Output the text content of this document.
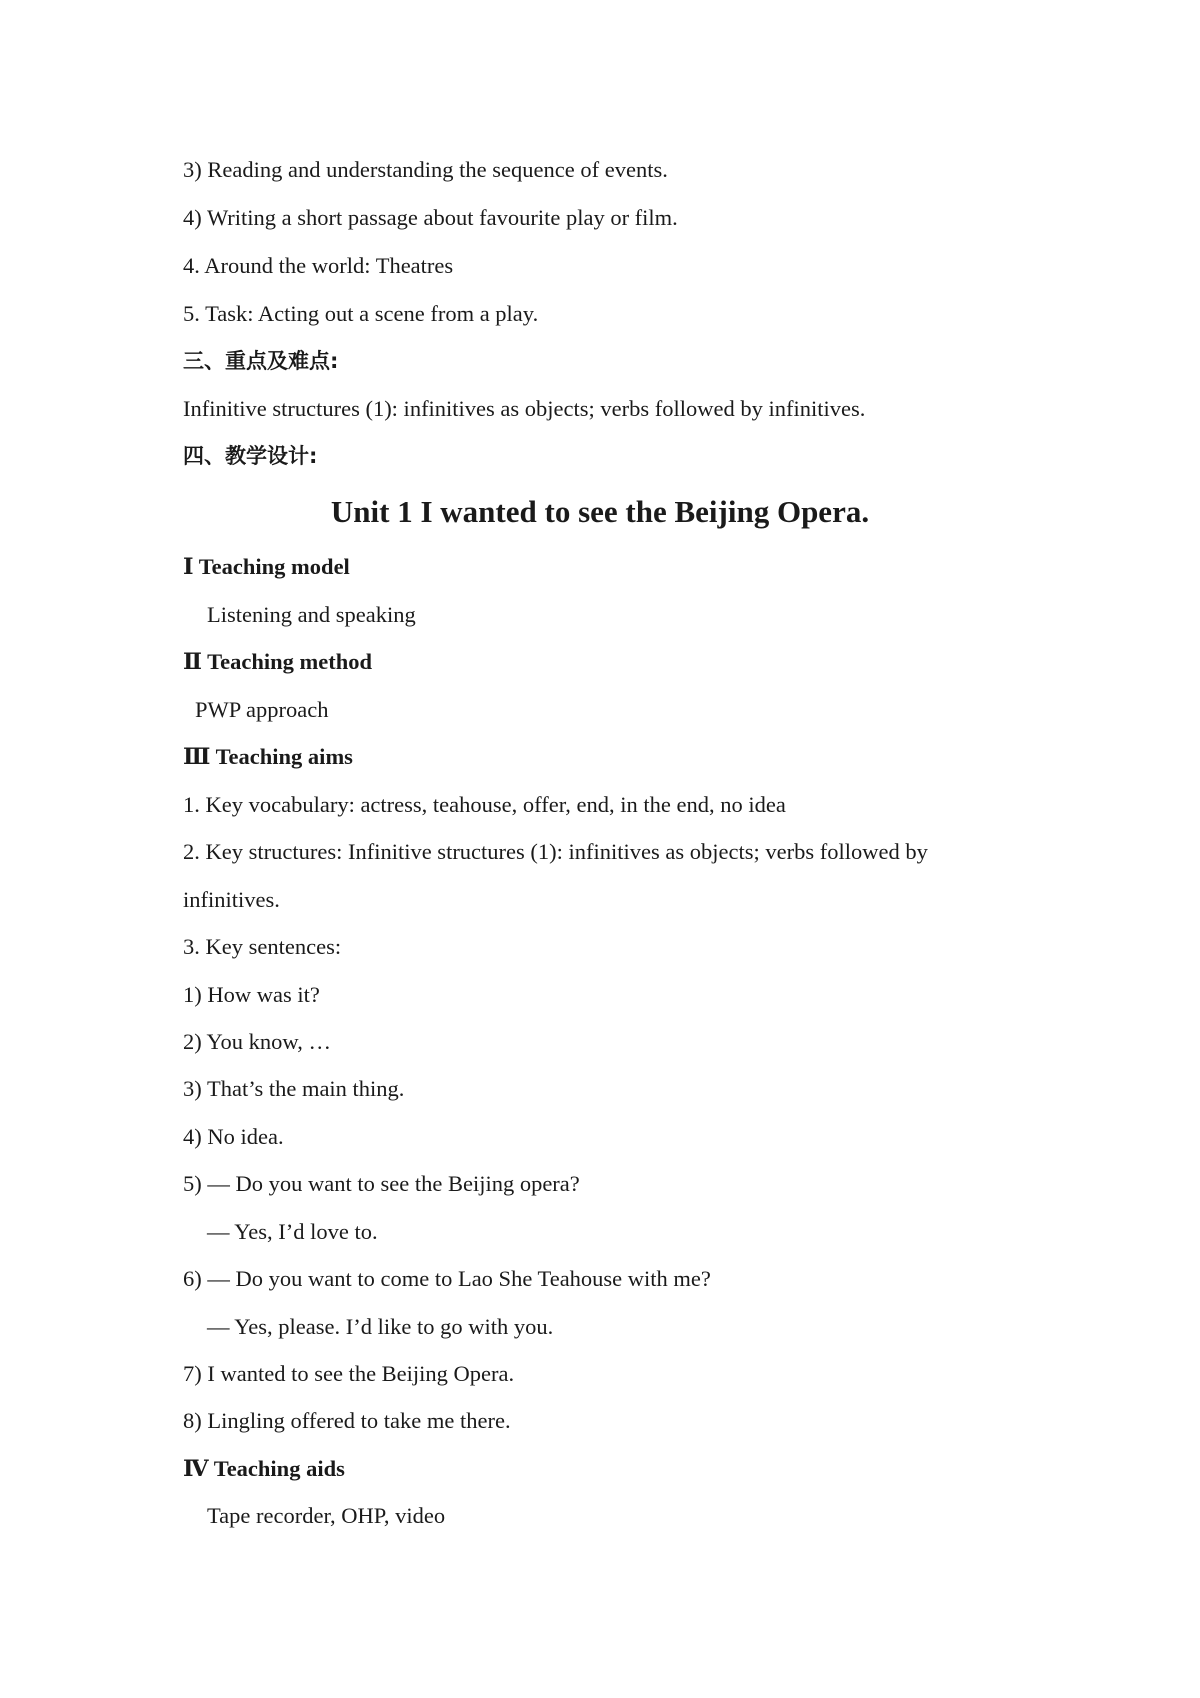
3) Reading and understanding the sequence of events.
4) Writing a short passage about favourite play or film.
4. Around the world: Theatres
5. Task: Acting out a scene from a play.
三、重点及难点:
Infinitive structures (1): infinitives as objects; verbs followed by infinitives.
四、教学设计:
Unit 1 I wanted to see the Beijing Opera.
Ⅰ Teaching model
Listening and speaking
Ⅱ Teaching method
PWP approach
Ⅲ Teaching aims
1. Key vocabulary: actress, teahouse, offer, end, in the end, no idea
2. Key structures: Infinitive structures (1): infinitives as objects; verbs followed by
infinitives.
3. Key sentences:
1) How was it?
2) You know, …
3) That’s the main thing.
4) No idea.
5) — Do you want to see the Beijing opera?
— Yes, I’d love to.
6) — Do you want to come to Lao She Teahouse with me?
— Yes, please. I’d like to go with you.
7) I wanted to see the Beijing Opera.
8) Lingling offered to take me there.
Ⅳ Teaching aids
Tape recorder, OHP, video
